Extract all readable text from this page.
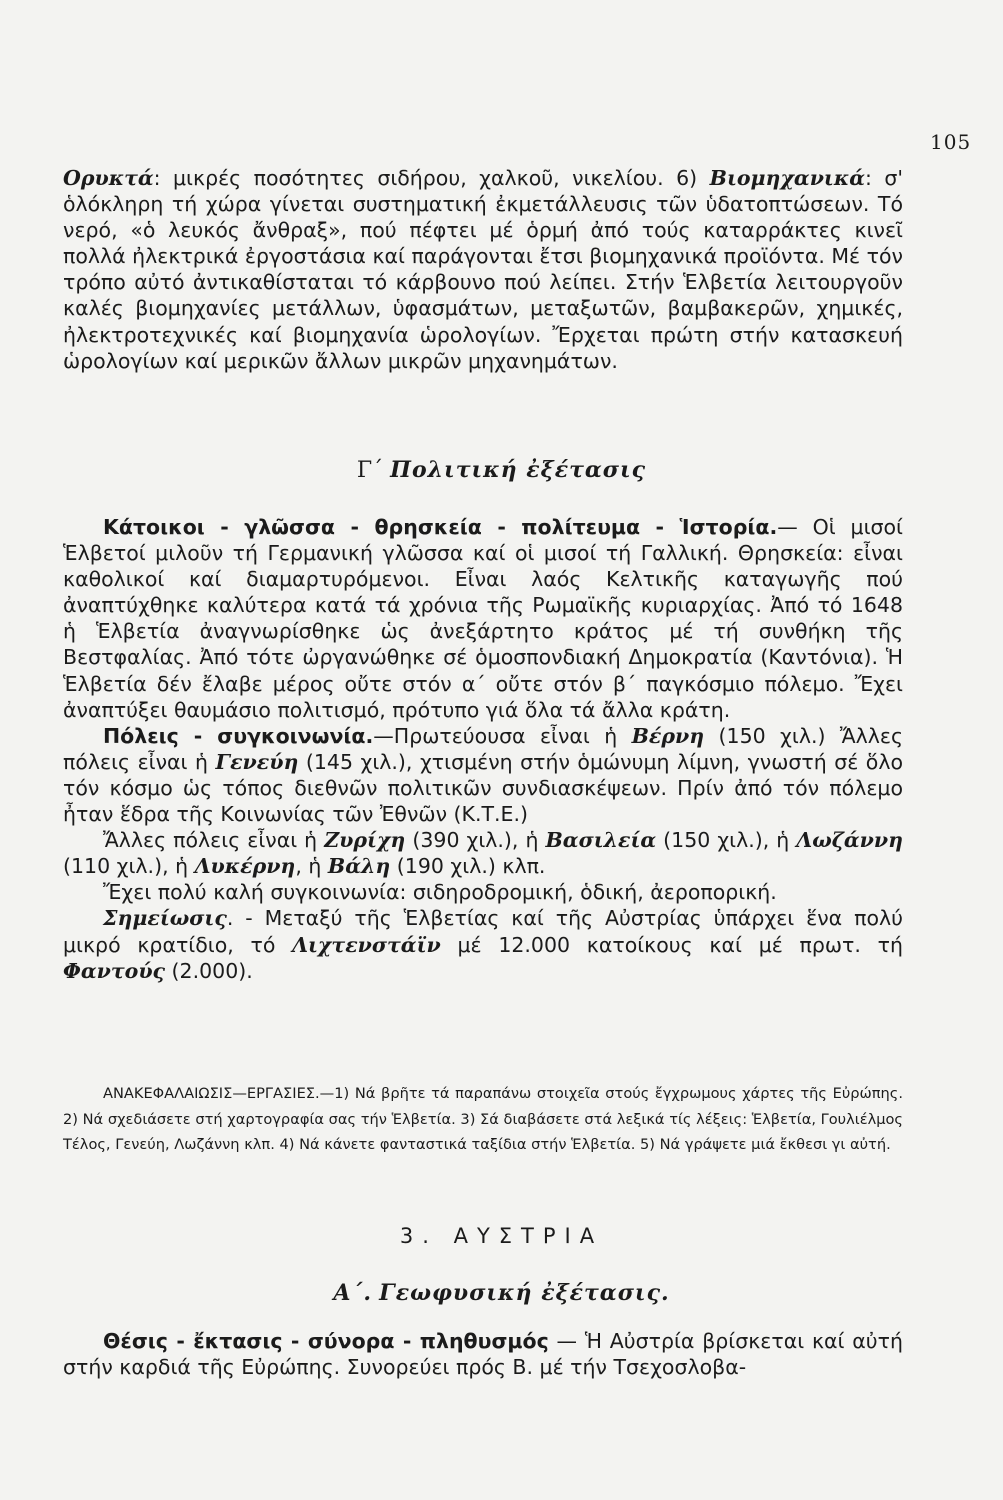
105

Ορυκτά: μικρές ποσότητες σιδήρου, χαλκοῦ, νικελίου. 6) Βιομηχανικά: σ' ὁλόκληρη τή χώρα γίνεται συστηματική ἐκμετάλλευσις τῶν ὑδατοπτώσεων. Τό νερό, «ὁ λευκός ἄνθραξ», πού πέφτει μέ ὁρμή ἀπό τούς καταρράκτες κινεῖ πολλά ἠλεκτρικά ἐργοστάσια καί παράγονται ἔτσι βιομηχανικά προϊόντα. Μέ τόν τρόπο αὐτό ἀντικαθίσταται τό κάρβουνο πού λείπει. Στήν Ἑλβετία λειτουργοῦν καλές βιομηχανίες μετάλλων, ὑφασμάτων, μεταξωτῶν, βαμβακερῶν, χημικές, ἠλεκτροτεχνικές καί βιομηχανία ὡρολογίων. Ἔρχεται πρώτη στήν κατασκευή ὡρολογίων καί μερικῶν ἄλλων μικρῶν μηχανημάτων.

Γ΄ Πολιτική ἐξέτασις

Κάτοικοι - γλῶσσα - θρησκεία - πολίτευμα - Ἱστορία.— Οἱ μισοί Ἑλβετοί μιλοῦν τή Γερμανική γλῶσσα καί οἱ μισοί τή Γαλλική. Θρησκεία: εἶναι καθολικοί καί διαμαρτυρόμενοι. Εἶναι λαός Κελτικῆς καταγωγῆς πού ἀναπτύχθηκε καλύτερα κατά τά χρόνια τῆς Ρωμαϊκῆς κυριαρχίας. Ἀπό τό 1648 ἡ Ἑλβετία ἀναγνωρίσθηκε ὡς ἀνεξάρτητο κράτος μέ τή συνθήκη τῆς Βεστφαλίας. Ἀπό τότε ὠργανώθηκε σέ ὁμοσπονδιακή Δημοκρατία (Καντόνια). Ἡ Ἑλβετία δέν ἔλαβε μέρος οὔτε στόν α΄ οὔτε στόν β΄ παγκόσμιο πόλεμο. Ἔχει ἀναπτύξει θαυμάσιο πολιτισμό, πρότυπο γιά ὅλα τά ἄλλα κράτη.

Πόλεις - συγκοινωνία.—Πρωτεύουσα εἶναι ἡ Βέρνη (150 χιλ.) Ἄλλες πόλεις εἶναι ἡ Γενεύη (145 χιλ.), χτισμένη στήν ὁμώνυμη λίμνη, γνωστή σέ ὅλο τόν κόσμο ὡς τόπος διεθνῶν πολιτικῶν συνδιασκέψεων. Πρίν ἀπό τόν πόλεμο ἦταν ἕδρα τῆς Κοινωνίας τῶν Ἐθνῶν (Κ.Τ.Ε.)

Ἄλλες πόλεις εἶναι ἡ Ζυρίχη (390 χιλ.), ἡ Βασιλεία (150 χιλ.), ἡ Λωζάννη (110 χιλ.), ἡ Λυκέρνη, ἡ Βάλη (190 χιλ.) κλπ.

Ἔχει πολύ καλή συγκοινωνία: σιδηροδρομική, ὁδική, ἀεροπορική.

Σημείωσις. - Μεταξύ τῆς Ἑλβετίας καί τῆς Αὐστρίας ὑπάρχει ἕνα πολύ μικρό κρατίδιο, τό Λιχτενστάϊν μέ 12.000 κατοίκους καί μέ πρωτ. τή Φαντούς (2.000).

ΑΝΑΚΕΦΑΛΑΙΩΣΙΣ—ΕΡΓΑΣΙΕΣ.—1) Νά βρῆτε τά παραπάνω στοιχεῖα στούς ἔγχρωμους χάρτες τῆς Εὐρώπης. 2) Νά σχεδιάσετε στή χαρτογραφία σας τήν Ἑλβετία. 3) Σά διαβάσετε στά λεξικά τίς λέξεις: Ἑλβετία, Γουλιέλμος Τέλος, Γενεύη, Λωζάννη κλπ. 4) Νά κάνετε φανταστικά ταξίδια στήν Ἑλβετία. 5) Νά γράψετε μιά ἔκθεσι γι αὐτή.
3. ΑΥΣΤΡΙΑ
Α΄. Γεωφυσική ἐξέτασις.

Θέσις - ἔκτασις - σύνορα - πληθυσμός — Ἡ Αὐστρία βρίσκεται καί αὐτή στήν καρδιά τῆς Εὐρώπης. Συνορεύει πρός Β. μέ τήν Τσεχοσλοβα-
